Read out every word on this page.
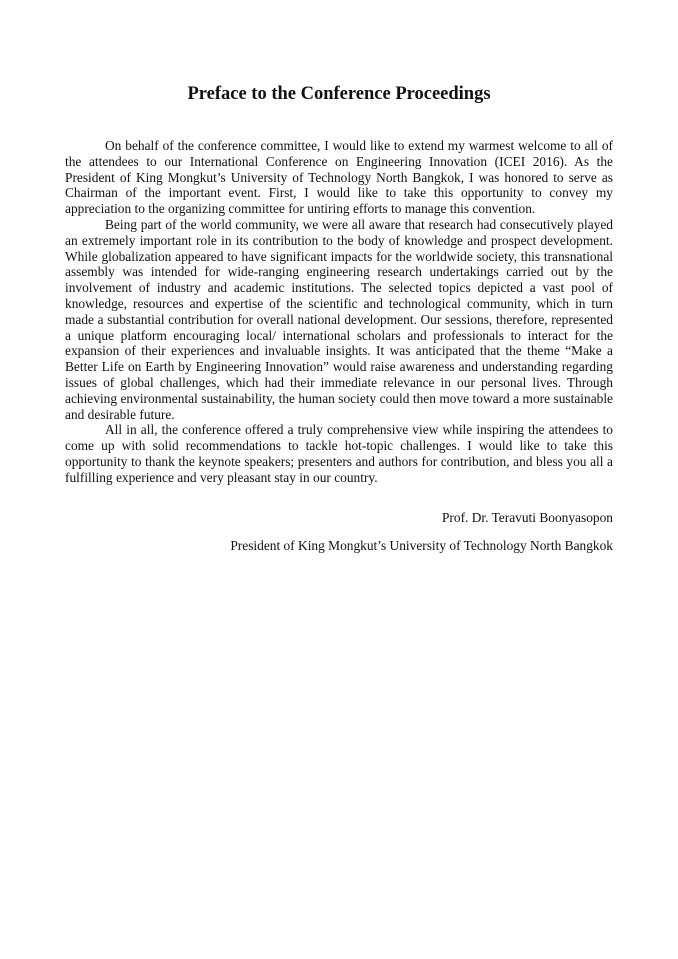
Preface to the Conference Proceedings

On behalf of the conference committee, I would like to extend my warmest welcome to all of the attendees to our International Conference on Engineering Innovation (ICEI 2016). As the President of King Mongkut’s University of Technology North Bangkok, I was honored to serve as Chairman of the important event. First, I would like to take this opportunity to convey my appreciation to the organizing committee for untiring efforts to manage this convention.

Being part of the world community, we were all aware that research had consecutively played an extremely important role in its contribution to the body of knowledge and prospect development. While globalization appeared to have significant impacts for the worldwide society, this transnational assembly was intended for wide-ranging engineering research undertakings carried out by the involvement of industry and academic institutions. The selected topics depicted a vast pool of knowledge, resources and expertise of the scientific and technological community, which in turn made a substantial contribution for overall national development. Our sessions, therefore, represented a unique platform encouraging local/ international scholars and professionals to interact for the expansion of their experiences and invaluable insights. It was anticipated that the theme “Make a Better Life on Earth by Engineering Innovation” would raise awareness and understanding regarding issues of global challenges, which had their immediate relevance in our personal lives. Through achieving environmental sustainability, the human society could then move toward a more sustainable and desirable future.

All in all, the conference offered a truly comprehensive view while inspiring the attendees to come up with solid recommendations to tackle hot-topic challenges. I would like to take this opportunity to thank the keynote speakers; presenters and authors for contribution, and bless you all a fulfilling experience and very pleasant stay in our country.

Prof. Dr. Teravuti Boonyasopon

President of King Mongkut’s University of Technology North Bangkok
